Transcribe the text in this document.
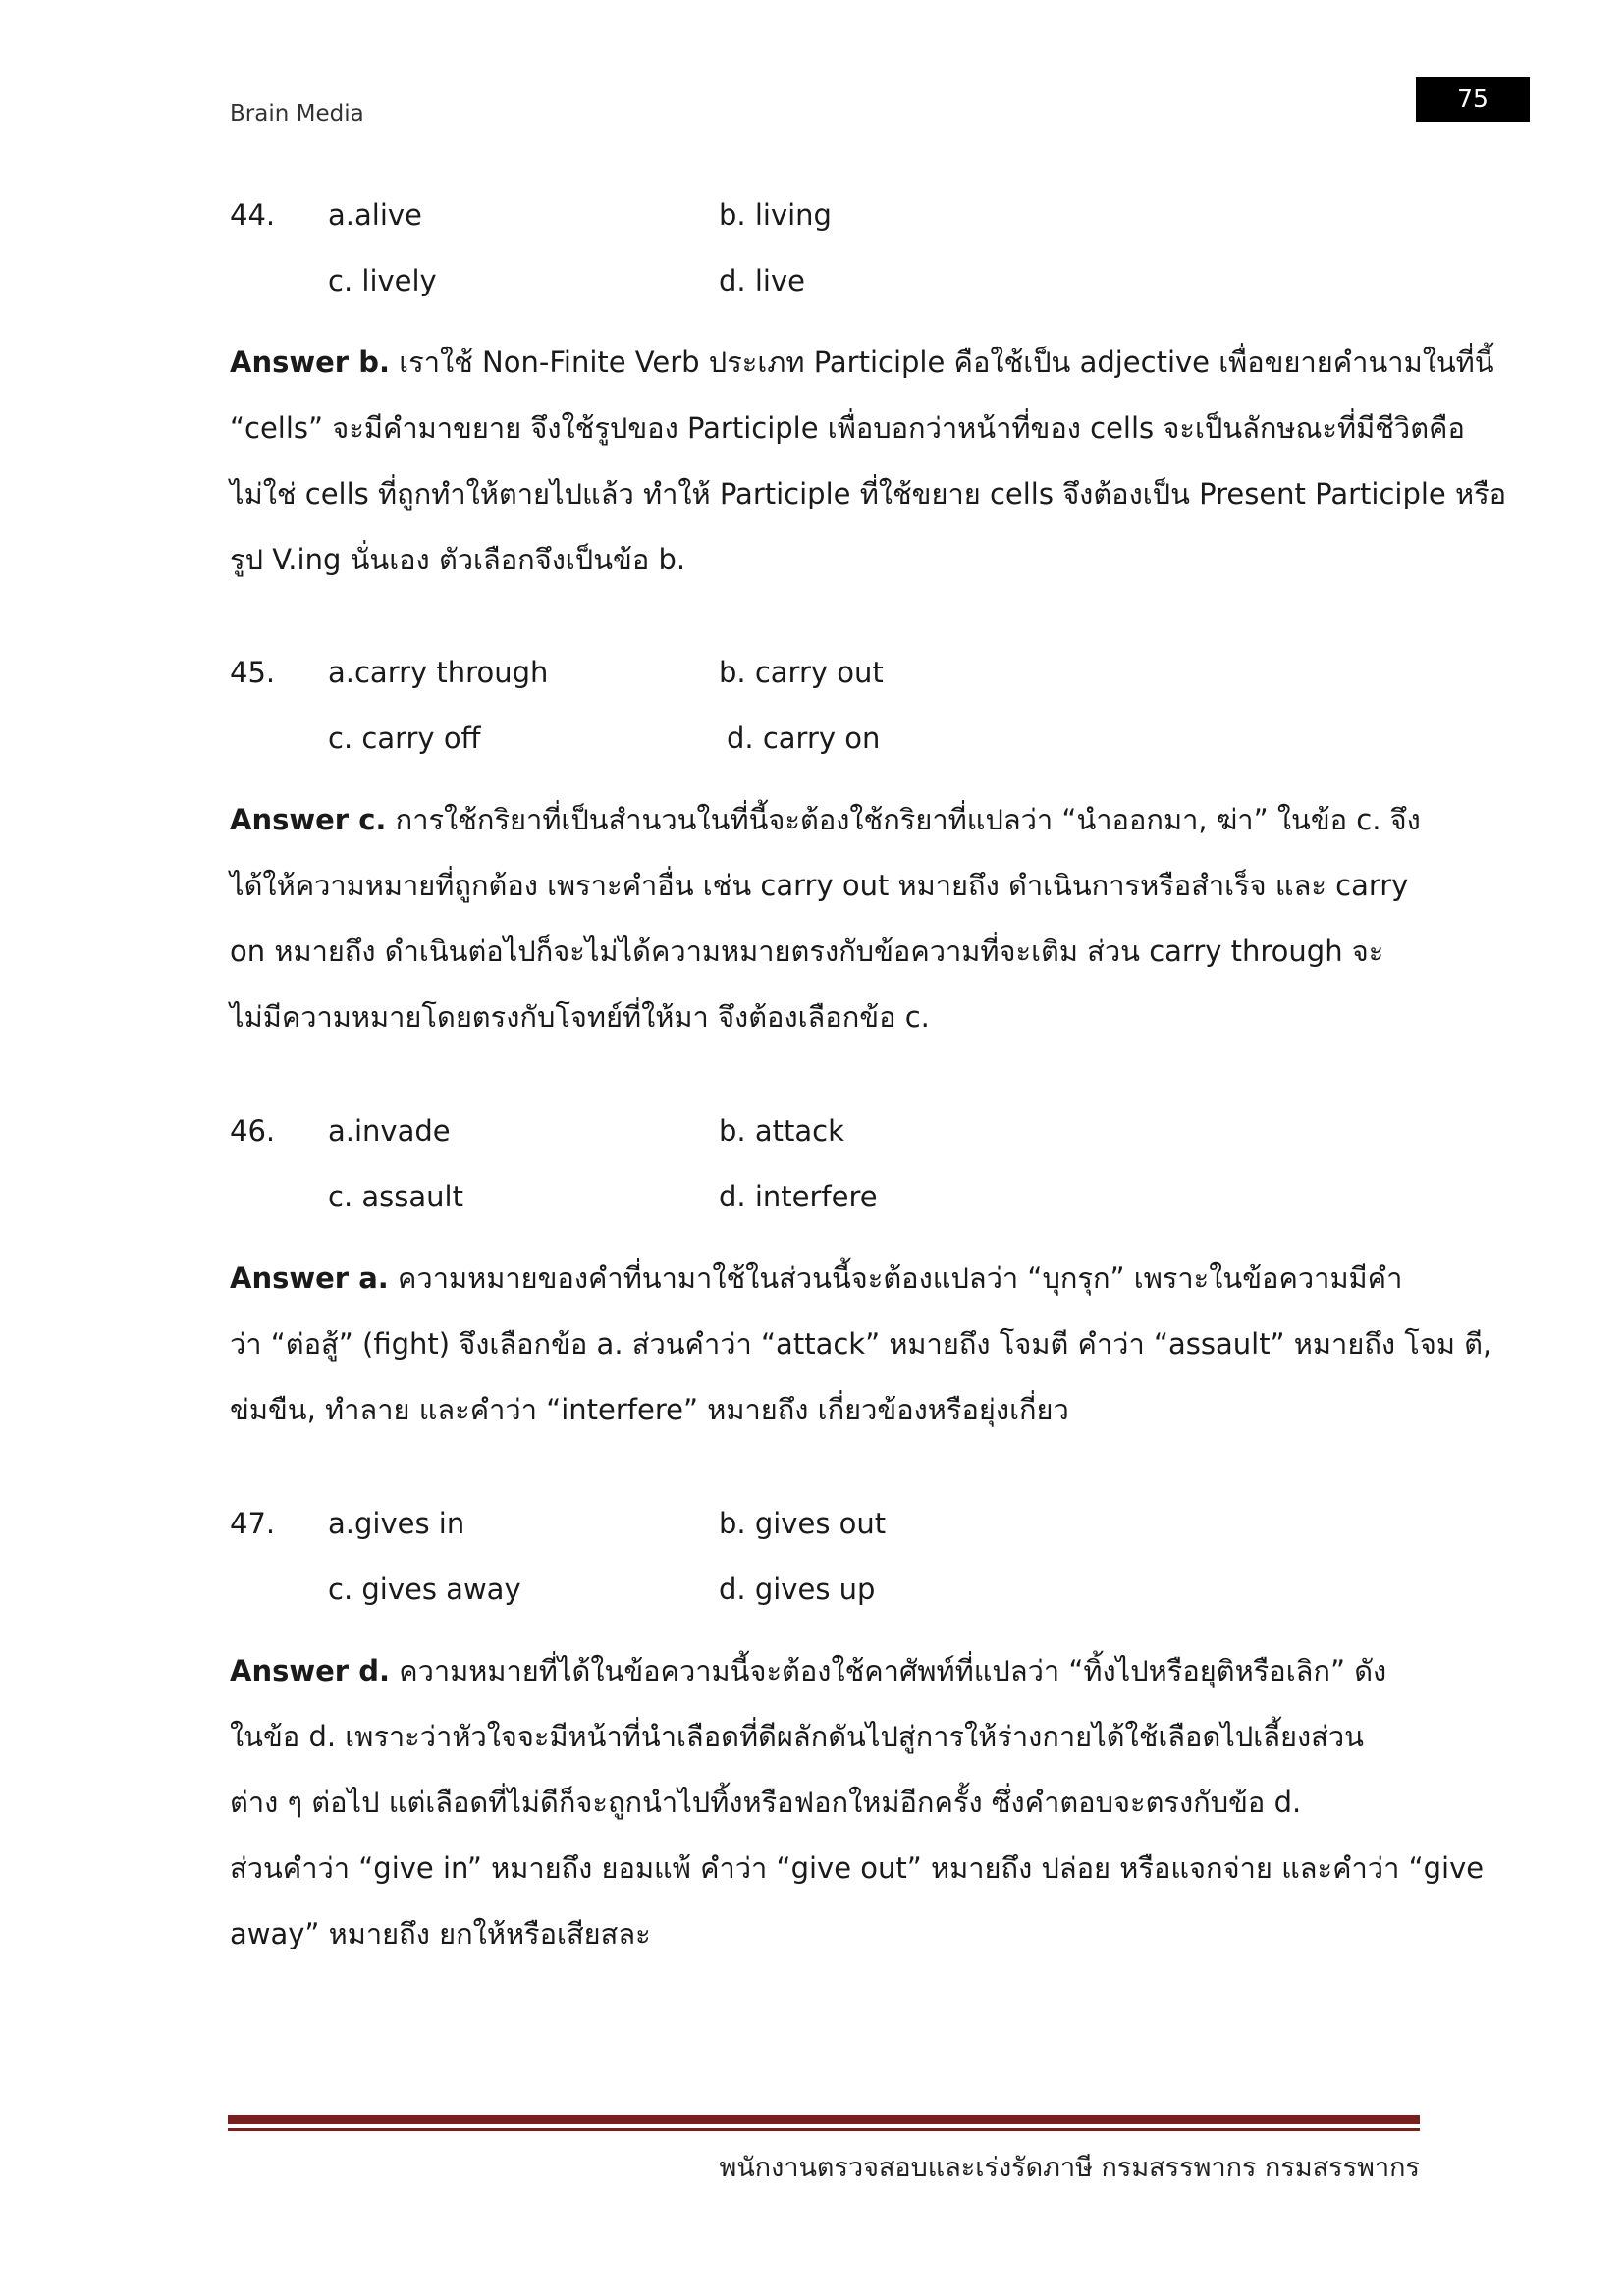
Brain Media
75
44. a.alive	b. living
c. lively	d. live
Answer b. เราใช้ Non-Finite Verb ประเภท Participle คือใช้เป็น adjective เพื่อขยายคำนามในที่นี้
“cells” จะมีคำมาขยาย จึงใช้รูปของ Participle เพื่อบอกว่าหน้าที่ของ cells จะเป็นลักษณะที่มีชีวิตคือ
ไม่ใช่ cells ที่ถูกทำให้ตายไปแล้ว ทำให้ Participle ที่ใช้ขยาย cells จึงต้องเป็น Present Participle หรือ
รูป V.ing นั่นเอง ตัวเลือกจึงเป็นข้อ b.
45. a.carry through	b. carry out
c. carry off	d. carry on
Answer c. การใช้กริยาที่เป็นสำนวนในที่นี้จะต้องใช้กริยาที่แปลว่า “นำออกมา, ฆ่า” ในข้อ c. จึง
ได้ให้ความหมายที่ถูกต้อง เพราะคำอื่น เช่น carry out หมายถึง ดำเนินการหรือสำเร็จ และ carry
on หมายถึง ดำเนินต่อไปก็จะไม่ได้ความหมายตรงกับข้อความที่จะเติม ส่วน carry through จะ
ไม่มีความหมายโดยตรงกับโจทย์ที่ให้มา จึงต้องเลือกข้อ c.
46. a.invade	b. attack
c. assault	d. interfere
Answer a. ความหมายของคำที่นามาใช้ในส่วนนี้จะต้องแปลว่า “บุกรุก” เพราะในข้อความมีคำ
ว่า “ต่อสู้” (fight) จึงเลือกข้อ a. ส่วนคำว่า “attack” หมายถึง โจมตี คำว่า “assault” หมายถึง โจม ตี,
ข่มขืน, ทำลาย และคำว่า “interfere” หมายถึง เกี่ยวข้องหรือยุ่งเกี่ยว
47. a.gives in	b. gives out
c. gives away	d. gives up
Answer d. ความหมายที่ได้ในข้อความนี้จะต้องใช้คาศัพท์ที่แปลว่า “ทิ้งไปหรือยุติหรือเลิก” ดัง
ในข้อ d. เพราะว่าหัวใจจะมีหน้าที่นำเลือดที่ดีผลักดันไปสู่การให้ร่างกายได้ใช้เลือดไปเลี้ยงส่วน
ต่าง ๆ ต่อไป แต่เลือดที่ไม่ดีก็จะถูกนำไปทิ้งหรือฟอกใหม่อีกครั้ง ซึ่งคำตอบจะตรงกับข้อ d.
ส่วนคำว่า “give in” หมายถึง ยอมแพ้ คำว่า “give out” หมายถึง ปล่อย หรือแจกจ่าย และคำว่า “give
away” หมายถึง ยกให้หรือเสียสละ
พนักงานตรวจสอบและเร่งรัดภาษี กรมสรรพากร กรมสรรพากร
